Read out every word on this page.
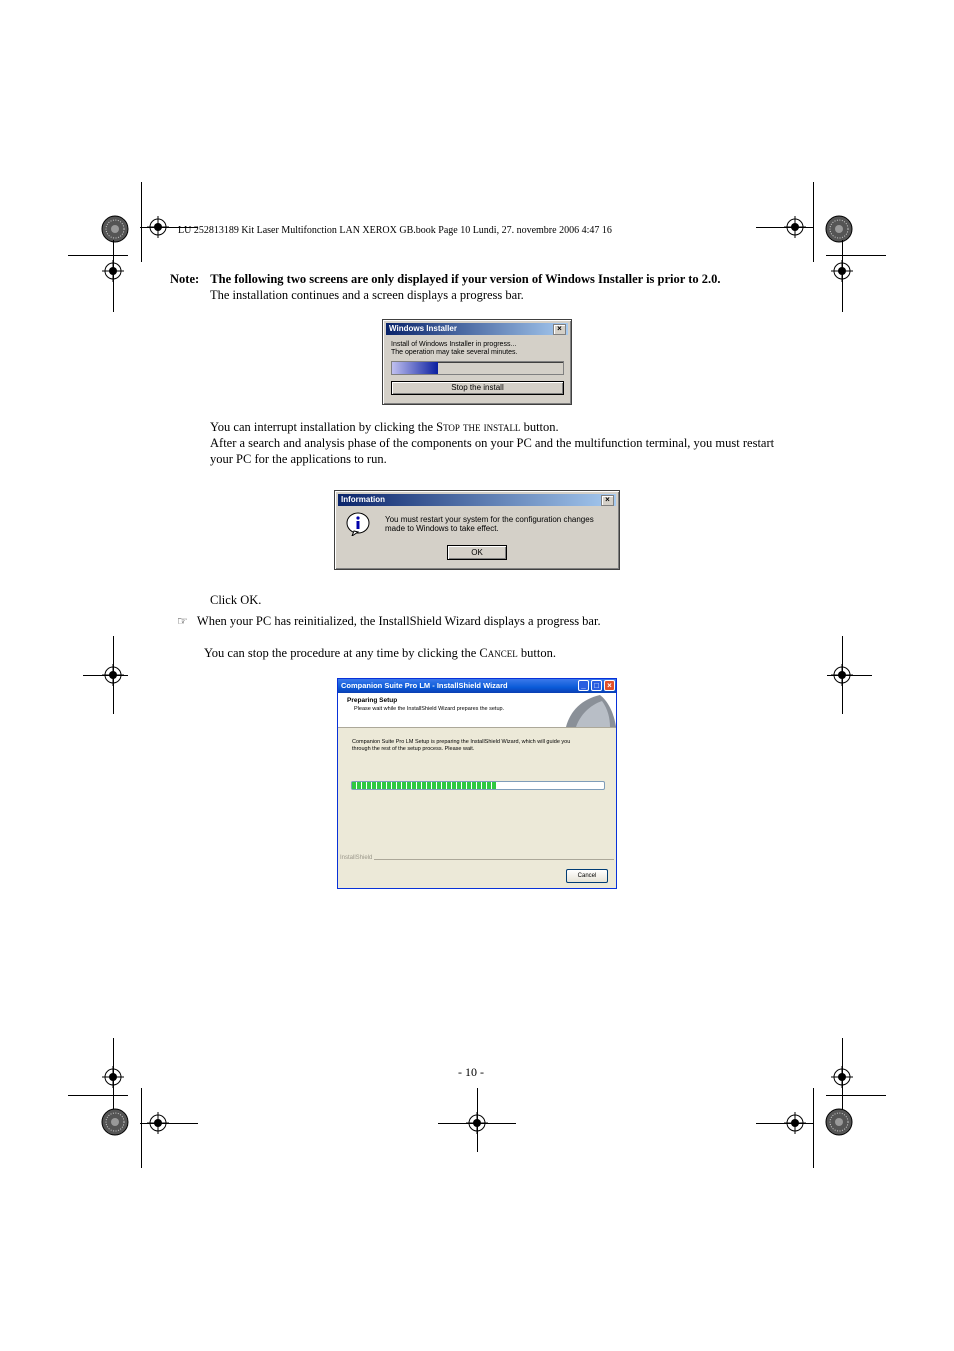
LU 252813189 Kit Laser Multifonction LAN XEROX GB.book Page 10 Lundi, 27. novembre 2006 4:47 16
Note: The following two screens are only displayed if your version of Windows Installer is prior to 2.0.
The installation continues and a screen displays a progress bar.
Windows Installer	×
Install of Windows Installer in progress...
The operation may take several minutes.
Stop the install
You can interrupt installation by clicking the Stop the install button.
After a search and analysis phase of the components on your PC and the multifunction terminal, you must restart
your PC for the applications to run.
Information	×
You must restart your system for the configuration changes
made to Windows to take effect.
OK
Click OK.
☞ When your PC has reinitialized, the InstallShield Wizard displays a progress bar.
You can stop the procedure at any time by clicking the Cancel button.
Companion Suite Pro LM - InstallShield Wizard	_	□	×
Preparing Setup
Please wait while the InstallShield Wizard prepares the setup.
Companion Suite Pro LM Setup is preparing the InstallShield Wizard, which will guide you
through the rest of the setup process. Please wait.
InstallShield
Cancel
- 10 -
